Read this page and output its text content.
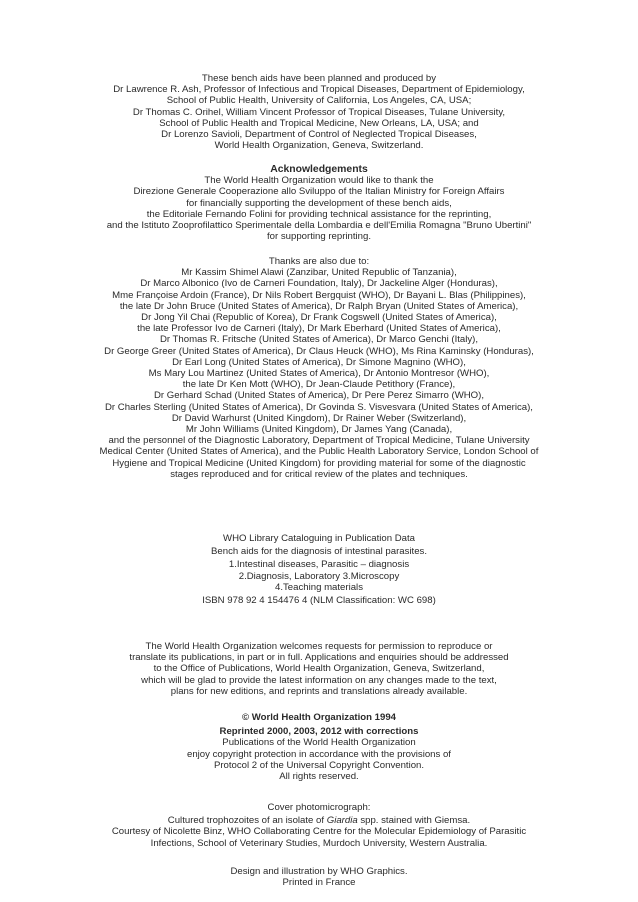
These bench aids have been planned and produced by
Dr Lawrence R. Ash, Professor of Infectious and Tropical Diseases, Department of Epidemiology,
School of Public Health, University of California, Los Angeles, CA, USA;
Dr Thomas C. Orihel, William Vincent Professor of Tropical Diseases, Tulane University,
School of Public Health and Tropical Medicine, New Orleans, LA, USA; and
Dr Lorenzo Savioli, Department of Control of Neglected Tropical Diseases,
World Health Organization, Geneva, Switzerland.
Acknowledgements
The World Health Organization would like to thank the
Direzione Generale Cooperazione allo Sviluppo of the Italian Ministry for Foreign Affairs
for financially supporting the development of these bench aids,
the Editoriale Fernando Folini for providing technical assistance for the reprinting,
and the Istituto Zooprofilattico Sperimentale della Lombardia e dell'Emilia Romagna "Bruno Ubertini"
for supporting reprinting.
Thanks are also due to:
Mr Kassim Shimel Alawi (Zanzibar, United Republic of Tanzania),
Dr Marco Albonico (Ivo de Carneri Foundation, Italy), Dr Jackeline Alger (Honduras),
Mme Françoise Ardoin (France), Dr Nils Robert Bergquist (WHO), Dr Bayani L. Blas (Philippines),
the late Dr John Bruce (United States of America), Dr Ralph Bryan (United States of America),
Dr Jong Yil Chai (Republic of Korea), Dr Frank Cogswell (United States of America),
the late Professor Ivo de Carneri (Italy), Dr Mark Eberhard (United States of America),
Dr Thomas R. Fritsche (United States of America), Dr Marco Genchi (Italy),
Dr George Greer (United States of America), Dr Claus Heuck (WHO), Ms Rina Kaminsky (Honduras),
Dr Earl Long (United States of America), Dr Simone Magnino (WHO),
Ms Mary Lou Martinez (United States of America), Dr Antonio Montresor (WHO),
the late Dr Ken Mott (WHO), Dr Jean-Claude Petithory (France),
Dr Gerhard Schad (United States of America), Dr Pere Perez Simarro (WHO),
Dr Charles Sterling (United States of America), Dr Govinda S. Visvesvara (United States of America),
Dr David Warhurst (United Kingdom), Dr Rainer Weber (Switzerland),
Mr John Williams (United Kingdom), Dr James Yang (Canada),
and the personnel of the Diagnostic Laboratory, Department of Tropical Medicine, Tulane University
Medical Center (United States of America), and the Public Health Laboratory Service, London School of
Hygiene and Tropical Medicine (United Kingdom) for providing material for some of the diagnostic
stages reproduced and for critical review of the plates and techniques.
WHO Library Cataloguing in Publication Data
Bench aids for the diagnosis of intestinal parasites.
1.Intestinal diseases, Parasitic – diagnosis
2.Diagnosis, Laboratory 3.Microscopy
4.Teaching materials
ISBN 978 92 4 154476 4 (NLM Classification: WC 698)
The World Health Organization welcomes requests for permission to reproduce or
translate its publications, in part or in full. Applications and enquiries should be addressed
to the Office of Publications, World Health Organization, Geneva, Switzerland,
which will be glad to provide the latest information on any changes made to the text,
plans for new editions, and reprints and translations already available.
© World Health Organization 1994
Reprinted 2000, 2003, 2012 with corrections
Publications of the World Health Organization
enjoy copyright protection in accordance with the provisions of
Protocol 2 of the Universal Copyright Convention.
All rights reserved.
Cover photomicrograph:
Cultured trophozoites of an isolate of Giardia spp. stained with Giemsa.
Courtesy of Nicolette Binz, WHO Collaborating Centre for the Molecular Epidemiology of Parasitic
Infections, School of Veterinary Studies, Murdoch University, Western Australia.
Design and illustration by WHO Graphics.
Printed in France
